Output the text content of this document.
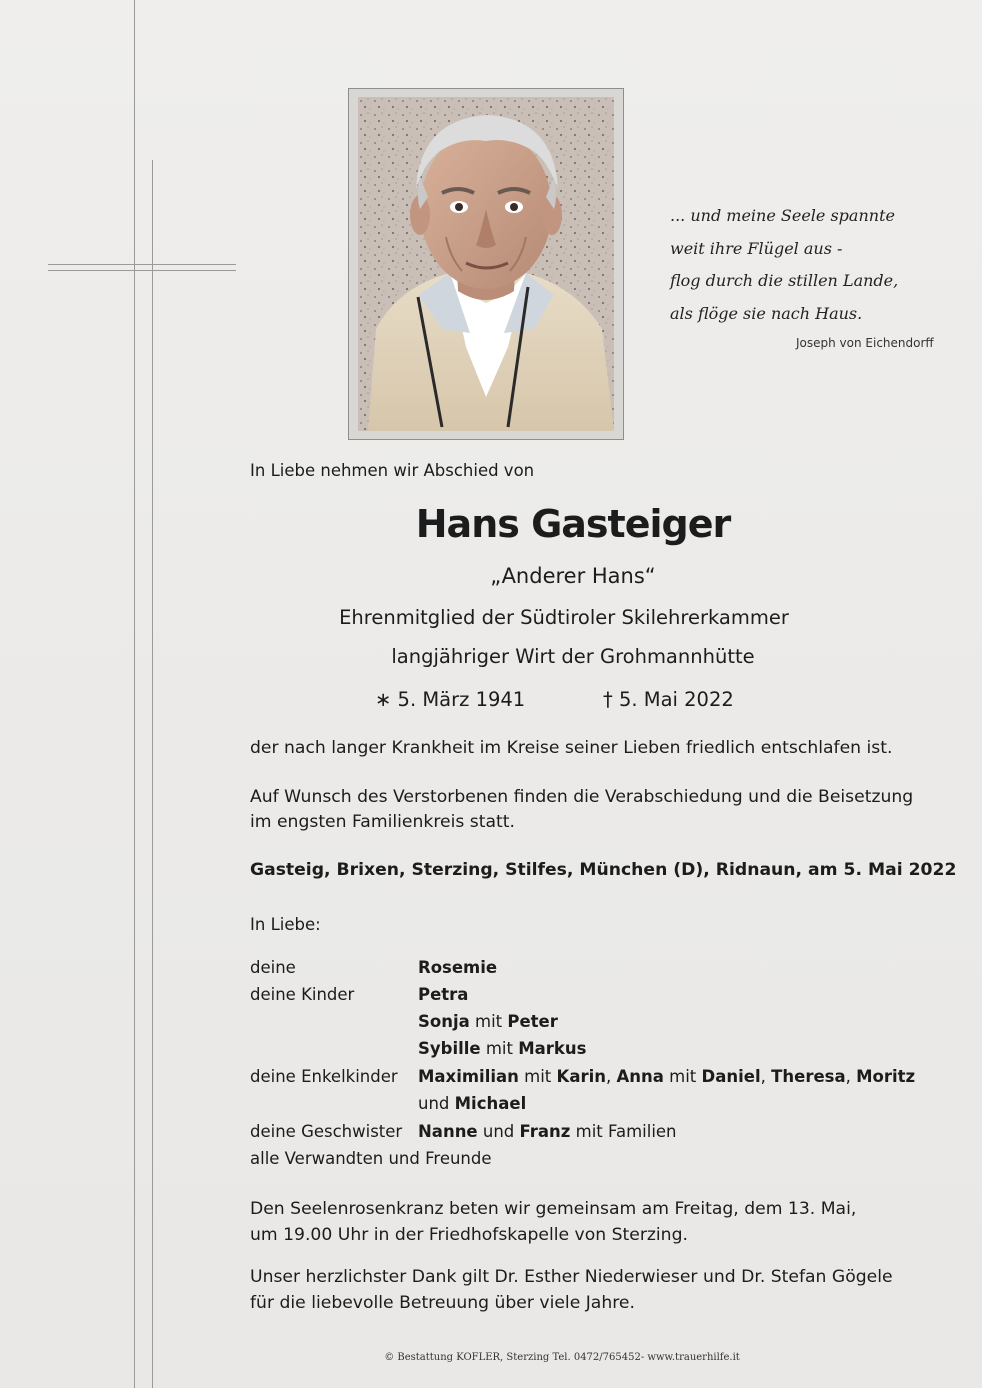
... und meine Seele spannte
weit ihre Flügel aus -
flog durch die stillen Lande,
als flöge sie nach Haus.
Joseph von Eichendorff
In Liebe nehmen wir Abschied von
Hans Gasteiger
„Anderer Hans“
Ehrenmitglied der Südtiroler Skilehrerkammer
langjähriger Wirt der Grohmannhütte
∗ 5. März 1941	† 5. Mai 2022
der nach langer Krankheit im Kreise seiner Lieben friedlich entschlafen ist.
Auf Wunsch des Verstorbenen finden die Verabschiedung und die Beisetzung
im engsten Familienkreis statt.
Gasteig, Brixen, Sterzing, Stilfes, München (D), Ridnaun, am 5. Mai 2022
In Liebe:
deine	Rosemie
deine Kinder	Petra
Sonja mit Peter
Sybille mit Markus
deine Enkelkinder Maximilian mit Karin, Anna mit Daniel, Theresa, Moritz
und Michael
deine Geschwister Nanne und Franz mit Familien
alle Verwandten und Freunde
Den Seelenrosenkranz beten wir gemeinsam am Freitag, dem 13. Mai,
um 19.00 Uhr in der Friedhofskapelle von Sterzing.
Unser herzlichster Dank gilt Dr. Esther Niederwieser und Dr. Stefan Gögele
für die liebevolle Betreuung über viele Jahre.
© Bestattung KOFLER, Sterzing Tel. 0472/765452- www.trauerhilfe.it
